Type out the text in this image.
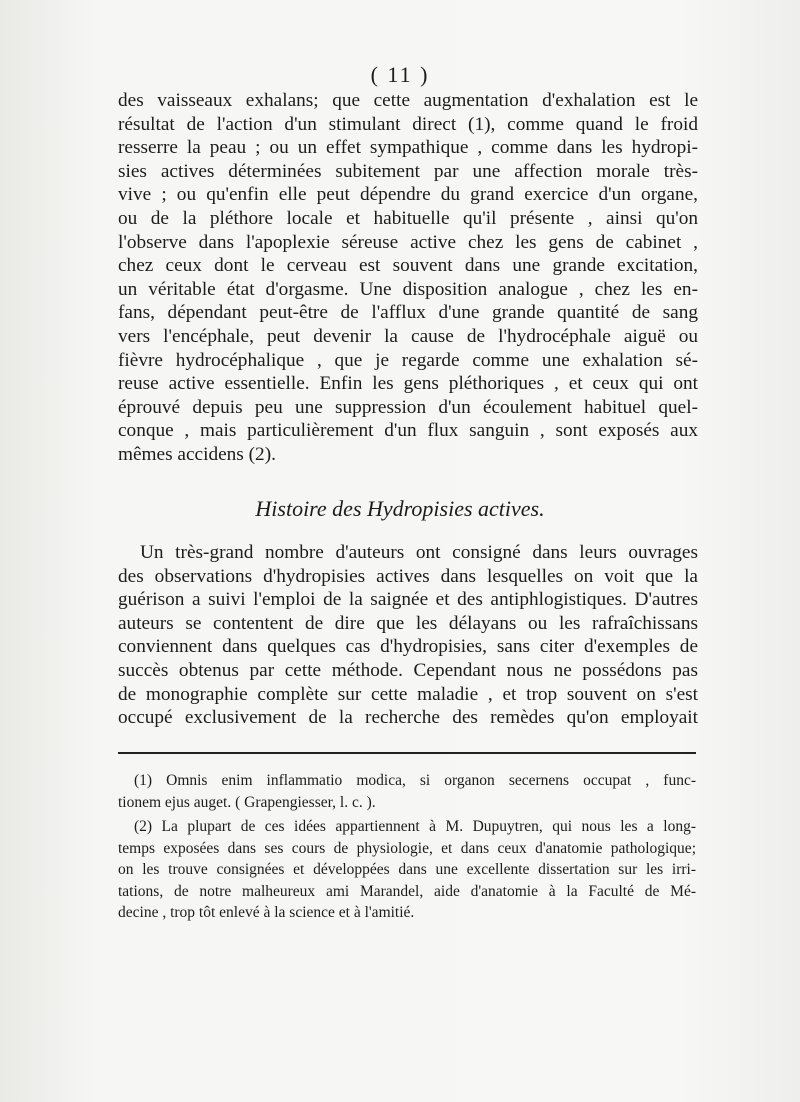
( 11 )
des vaisseaux exhalans; que cette augmentation d'exhalation est le
résultat de l'action d'un stimulant direct (1), comme quand le froid
resserre la peau ; ou un effet sympathique , comme dans les hydropi-
sies actives déterminées subitement par une affection morale très-
vive ; ou qu'enfin elle peut dépendre du grand exercice d'un organe,
ou de la pléthore locale et habituelle qu'il présente , ainsi qu'on
l'observe dans l'apoplexie séreuse active chez les gens de cabinet ,
chez ceux dont le cerveau est souvent dans une grande excitation,
un véritable état d'orgasme. Une disposition analogue , chez les en-
fans, dépendant peut-être de l'afflux d'une grande quantité de sang
vers l'encéphale, peut devenir la cause de l'hydrocéphale aiguë ou
fièvre hydrocéphalique , que je regarde comme une exhalation sé-
reuse active essentielle. Enfin les gens pléthoriques , et ceux qui ont
éprouvé depuis peu une suppression d'un écoulement habituel quel-
conque , mais particulièrement d'un flux sanguin , sont exposés aux
mêmes accidens (2).
Histoire des Hydropisies actives.
Un très-grand nombre d'auteurs ont consigné dans leurs ouvrages
des observations d'hydropisies actives dans lesquelles on voit que la
guérison a suivi l'emploi de la saignée et des antiphlogistiques. D'autres
auteurs se contentent de dire que les délayans ou les rafraîchissans
conviennent dans quelques cas d'hydropisies, sans citer d'exemples de
succès obtenus par cette méthode. Cependant nous ne possédons pas
de monographie complète sur cette maladie , et trop souvent on s'est
occupé exclusivement de la recherche des remèdes qu'on employait
(1) Omnis enim inflammatio modica, si organon secernens occupat , func-
tionem ejus auget. ( Grapengiesser, l. c. ).
(2) La plupart de ces idées appartiennent à M. Dupuytren, qui nous les a long-
temps exposées dans ses cours de physiologie, et dans ceux d'anatomie pathologique;
on les trouve consignées et développées dans une excellente dissertation sur les irri-
tations, de notre malheureux ami Marandel, aide d'anatomie à la Faculté de Mé-
decine , trop tôt enlevé à la science et à l'amitié.
